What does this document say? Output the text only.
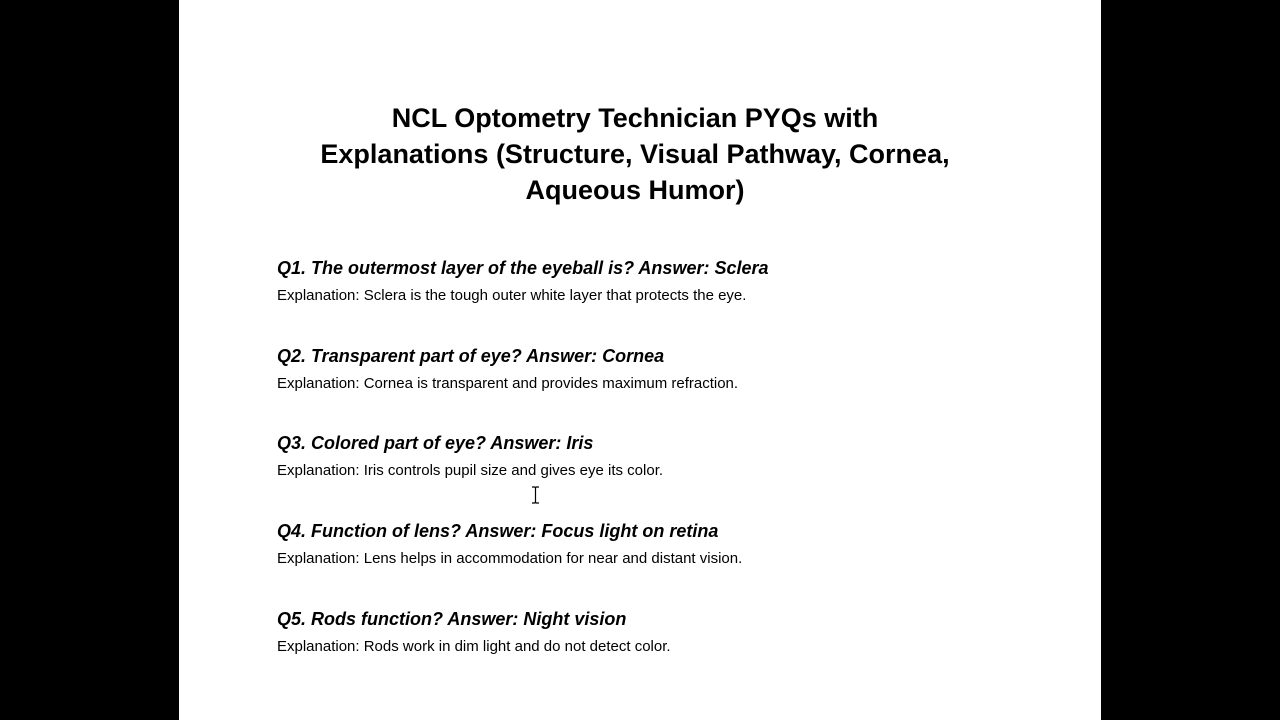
NCL Optometry Technician PYQs with
Explanations (Structure, Visual Pathway, Cornea,
Aqueous Humor)
Q1. The outermost layer of the eyeball is? Answer: Sclera
Explanation: Sclera is the tough outer white layer that protects the eye.
Q2. Transparent part of eye? Answer: Cornea
Explanation: Cornea is transparent and provides maximum refraction.
Q3. Colored part of eye? Answer: Iris
Explanation: Iris controls pupil size and gives eye its color.
Q4. Function of lens? Answer: Focus light on retina
Explanation: Lens helps in accommodation for near and distant vision.
Q5. Rods function? Answer: Night vision
Explanation: Rods work in dim light and do not detect color.
